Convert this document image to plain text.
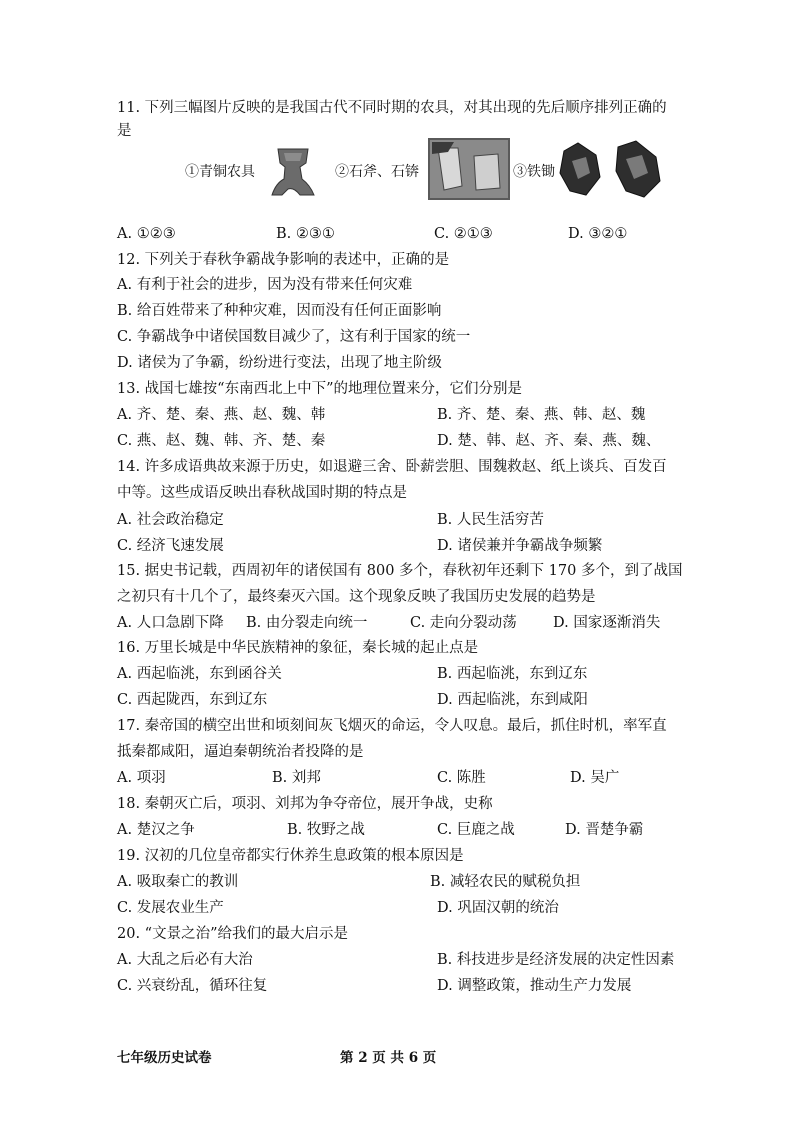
11. 下列三幅图片反映的是我国古代不同时期的农具，对其出现的先后顺序排列正确的
是
①青铜农具	②石斧、石锛	③铁锄
A. ①②③	B. ②③①	C. ②①③	D. ③②①
12. 下列关于春秋争霸战争影响的表述中，正确的是
A. 有利于社会的进步，因为没有带来任何灾难
B. 给百姓带来了种种灾难，因而没有任何正面影响
C. 争霸战争中诸侯国数目减少了，这有利于国家的统一
D. 诸侯为了争霸，纷纷进行变法，出现了地主阶级
13. 战国七雄按“东南西北上中下”的地理位置来分，它们分别是
A. 齐、楚、秦、燕、赵、魏、韩	B. 齐、楚、秦、燕、韩、赵、魏
C. 燕、赵、魏、韩、齐、楚、秦	D. 楚、韩、赵、齐、秦、燕、魏、
14. 许多成语典故来源于历史，如退避三舍、卧薪尝胆、围魏救赵、纸上谈兵、百发百
中等。这些成语反映出春秋战国时期的特点是
A. 社会政治稳定	B. 人民生活穷苦
C. 经济飞速发展	D. 诸侯兼并争霸战争频繁
15. 据史书记载，西周初年的诸侯国有 800 多个，春秋初年还剩下 170 多个，到了战国
之初只有十几个了，最终秦灭六国。这个现象反映了我国历史发展的趋势是
A. 人口急剧下降 B. 由分裂走向统一	C. 走向分裂动荡 D. 国家逐渐消失
16. 万里长城是中华民族精神的象征，秦长城的起止点是
A. 西起临洮，东到函谷关	B. 西起临洮，东到辽东
C. 西起陇西，东到辽东	D. 西起临洮，东到咸阳
17. 秦帝国的横空出世和顷刻间灰飞烟灭的命运，令人叹息。最后，抓住时机，率军直
抵秦都咸阳，逼迫秦朝统治者投降的是
A. 项羽	B. 刘邦	C. 陈胜	D. 吴广
18. 秦朝灭亡后，项羽、刘邦为争夺帝位，展开争战，史称
A. 楚汉之争	B. 牧野之战	C. 巨鹿之战	D. 晋楚争霸
19. 汉初的几位皇帝都实行休养生息政策的根本原因是
A. 吸取秦亡的教训	B. 减轻农民的赋税负担
C. 发展农业生产	D. 巩固汉朝的统治
20. “文景之治”给我们的最大启示是
A. 大乱之后必有大治	B. 科技进步是经济发展的决定性因素
C. 兴衰纷乱，循环往复	D. 调整政策，推动生产力发展
七年级历史试卷	第 2 页 共 6 页
